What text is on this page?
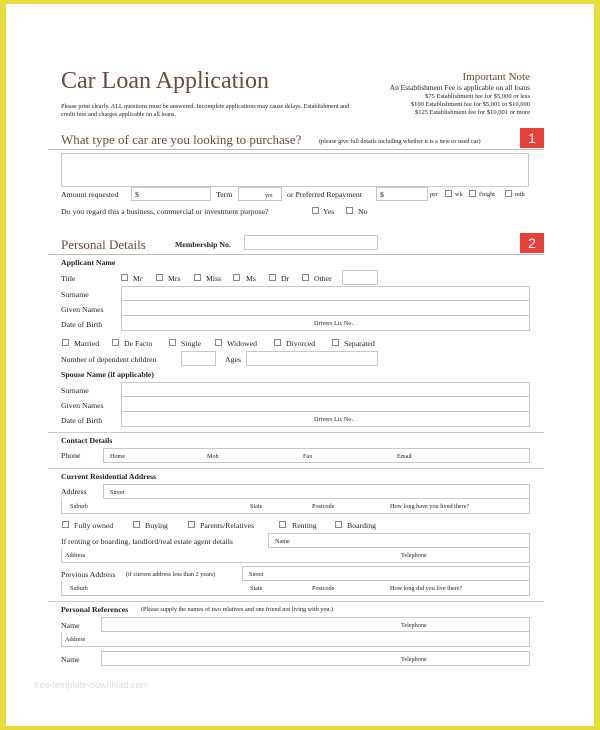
Car Loan Application
Please print clearly. ALL questions must be answered. Incomplete applications may cause delays. Establishment and credit fees and charges applicable on all loans.
Important Note
An Establishment Fee is applicable on all loans
$75 Establishment fee for $5,000 or less
$100 Establishment fee for $5,001 to $10,000
$125 Establishment fee for $10,001 or more
What type of car are you looking to purchase?	(please give full details including whether it is a new or used car)	1
Amount requested $	Term	yrs or Preferred Repayment $	per	wk	f'night	mth
Do you regard this a business, commercial or investment purpose?	Yes	No
Personal Details	Membership No.	2
Applicant Name
Title	Mr	Mrs	Miss	Ms	Dr	Other
Surname
Given Names
Date of Birth	Drivers Lic No.
Married	De Facto	Single	Widowed	Divorced	Separated
Number of dependent children	Ages
Spouse Name (if applicable)
Surname
Given Names
Date of Birth	Drivers Lic No.
Contact Details
Phone	Home	Mob	Fax	Email
Current Residential Address
Address	Street
Suburb	State	Postcode	How long have you lived there?
Fully owned	Buying	Parents/Relatives	Renting	Boarding
If renting or boarding, landlord/real estate agent details	Name
Address	Telephone
Previous Address (if current address less than 2 years)	Street
Suburb	State	Postcode	How long did you live there?
Personal References (Please supply the names of two relatives and one friend not living with you.)
Name	Telephone
Address
Name	Telephone
free-template-download.com
